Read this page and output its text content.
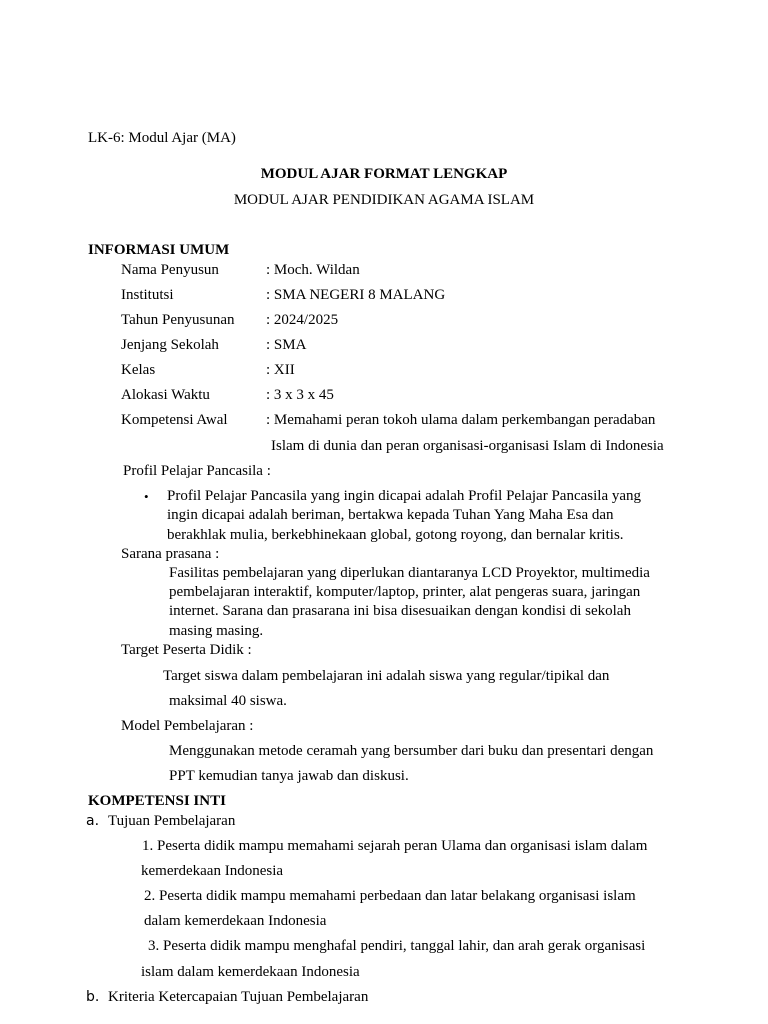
LK-6: Modul Ajar (MA)
MODUL AJAR FORMAT LENGKAP
MODUL AJAR PENDIDIKAN AGAMA ISLAM
INFORMASI UMUM
Nama Penyusun	: Moch. Wildan
Institutsi	: SMA NEGERI 8 MALANG
Tahun Penyusunan : 2024/2025
Jenjang Sekolah	: SMA
Kelas	: XII
Alokasi Waktu	: 3 x 3 x 45
Kompetensi Awal	: Memahami peran tokoh ulama dalam perkembangan peradaban
Islam di dunia dan peran organisasi-organisasi Islam di Indonesia
Profil Pelajar Pancasila :
• Profil Pelajar Pancasila yang ingin dicapai adalah Profil Pelajar Pancasila yang
ingin dicapai adalah beriman, bertakwa kepada Tuhan Yang Maha Esa dan
berakhlak mulia, berkebhinekaan global, gotong royong, dan bernalar kritis.
Sarana prasana :
Fasilitas pembelajaran yang diperlukan diantaranya LCD Proyektor, multimedia
pembelajaran interaktif, komputer/laptop, printer, alat pengeras suara, jaringan
internet. Sarana dan prasarana ini bisa disesuaikan dengan kondisi di sekolah
masing masing.
Target Peserta Didik :
Target siswa dalam pembelajaran ini adalah siswa yang regular/tipikal dan
maksimal 40 siswa.
Model Pembelajaran :
Menggunakan metode ceramah yang bersumber dari buku dan presentari dengan
PPT kemudian tanya jawab dan diskusi.
KOMPETENSI INTI
a. Tujuan Pembelajaran
1. Peserta didik mampu memahami sejarah peran Ulama dan organisasi islam dalam
kemerdekaan Indonesia
2. Peserta didik mampu memahami perbedaan dan latar belakang organisasi islam
dalam kemerdekaan Indonesia
3. Peserta didik mampu menghafal pendiri, tanggal lahir, dan arah gerak organisasi
islam dalam kemerdekaan Indonesia
b. Kriteria Ketercapaian Tujuan Pembelajaran
